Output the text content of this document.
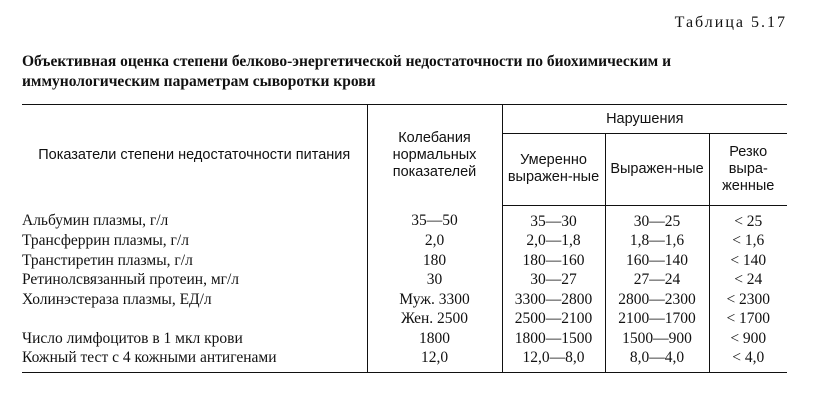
Таблица 5.17
Объективная оценка степени белково-энергетической недостаточности по биохимическим и иммунологическим параметрам сыворотки крови
Показатели степени недостаточности питания	Колебания нормальных показателей	Нарушения		
		Умеренно выражен-ные	Выражен-ные	Резко выра-женные
Альбумин плазмы, г/л	35—50	35—30	30—25	< 25
Трансферрин плазмы, г/л	2,0	2,0—1,8	1,8—1,6	< 1,6
Транстиретин плазмы, г/л	180	180—160	160—140	< 140
Ретинолсвязанный протеин, мг/л	30	30—27	27—24	< 24
Холинэстераза плазмы, ЕД/л	Муж. 3300	3300—2800	2800—2300	< 2300
	Жен. 2500	2500—2100	2100—1700	< 1700
Число лимфоцитов в 1 мкл крови	1800	1800—1500	1500—900	< 900
Кожный тест с 4 кожными антигенами	12,0	12,0—8,0	8,0—4,0	< 4,0
